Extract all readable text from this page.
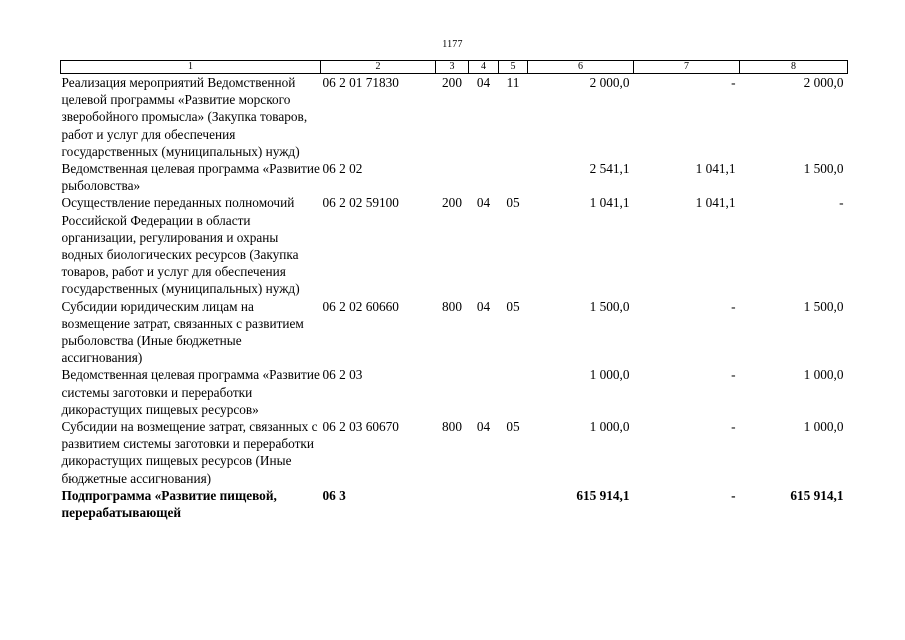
1177
1	2	3	4	5	6	7	8
Реализация мероприятий Ведомственной целевой программы «Развитие морского зверобойного промысла» (Закупка товаров, работ и услуг для обеспечения государственных (муниципальных) нужд)	06 2 01 71830	200	04	11	2 000,0	-	2 000,0
Ведомственная целевая программа «Развитие рыболовства»	06 2 02				2 541,1	1 041,1	1 500,0
Осуществление переданных полномочий Российской Федерации в области организации, регулирования и охраны водных биологических ресурсов (Закупка товаров, работ и услуг для обеспечения государственных (муниципальных) нужд)	06 2 02 59100	200	04	05	1 041,1	1 041,1	-
Субсидии юридическим лицам на возмещение затрат, связанных с развитием рыболовства (Иные бюджетные ассигнования)	06 2 02 60660	800	04	05	1 500,0	-	1 500,0
Ведомственная целевая программа «Развитие системы заготовки и переработки дикорастущих пищевых ресурсов»	06 2 03				1 000,0	-	1 000,0
Субсидии на возмещение затрат, связанных с развитием системы заготовки и переработки дикорастущих пищевых ресурсов (Иные бюджетные ассигнования)	06 2 03 60670	800	04	05	1 000,0	-	1 000,0
Подпрограмма «Развитие пищевой, перерабатывающей	06 3				615 914,1	-	615 914,1
